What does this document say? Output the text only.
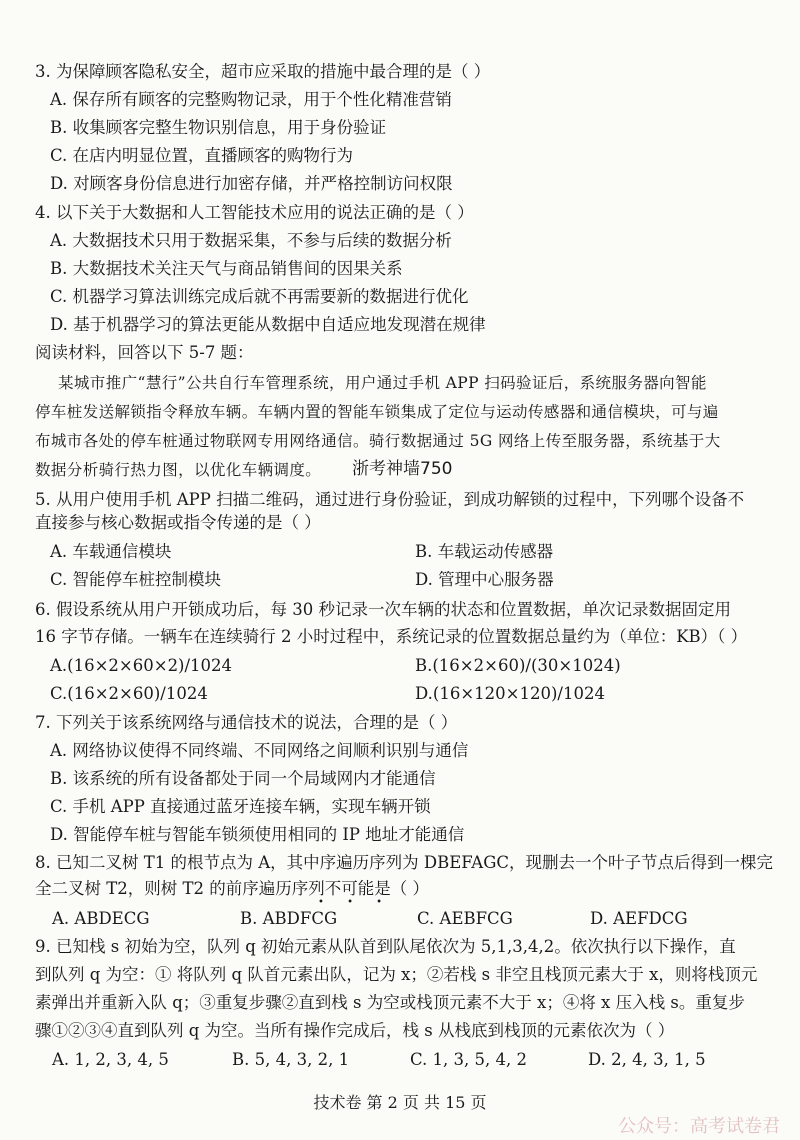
3. 为保障顾客隐私安全，超市应采取的措施中最合理的是（ ）
A. 保存所有顾客的完整购物记录，用于个性化精准营销
B. 收集顾客完整生物识别信息，用于身份验证
C. 在店内明显位置，直播顾客的购物行为
D. 对顾客身份信息进行加密存储，并严格控制访问权限
4. 以下关于大数据和人工智能技术应用的说法正确的是（ ）
A. 大数据技术只用于数据采集，不参与后续的数据分析
B. 大数据技术关注天气与商品销售间的因果关系
C. 机器学习算法训练完成后就不再需要新的数据进行优化
D. 基于机器学习的算法更能从数据中自适应地发现潜在规律
阅读材料，回答以下 5-7 题：
某城市推广“慧行”公共自行车管理系统，用户通过手机 APP 扫码验证后，系统服务器向智能
停车桩发送解锁指令释放车辆。车辆内置的智能车锁集成了定位与运动传感器和通信模块，可与遍
布城市各处的停车桩通过物联网专用网络通信。骑行数据通过 5G 网络上传至服务器，系统基于大
数据分析骑行热力图，以优化车辆调度。 浙考神墙750
5. 从用户使用手机 APP 扫描二维码，通过进行身份验证，到成功解锁的过程中，下列哪个设备不
直接参与核心数据或指令传递的是（ ）
A. 车载通信模块	B. 车载运动传感器
C. 智能停车桩控制模块	D. 管理中心服务器
6. 假设系统从用户开锁成功后，每 30 秒记录一次车辆的状态和位置数据，单次记录数据固定用
16 字节存储。一辆车在连续骑行 2 小时过程中，系统记录的位置数据总量约为（单位：KB）（ ）
A.(16×2×60×2)/1024	B.(16×2×60)/(30×1024)
C.(16×2×60)/1024	D.(16×120×120)/1024
7. 下列关于该系统网络与通信技术的说法，合理的是（ ）
A. 网络协议使得不同终端、不同网络之间顺利识别与通信
B. 该系统的所有设备都处于同一个局域网内才能通信
C. 手机 APP 直接通过蓝牙连接车辆，实现车辆开锁
D. 智能停车桩与智能车锁须使用相同的 IP 地址才能通信
8. 已知二叉树 T1 的根节点为 A，其中序遍历序列为 DBEFAGC，现删去一个叶子节点后得到一棵完
全二叉树 T2，则树 T2 的前序遍历序列不可能是（ ）
• • •
A. ABDECG	B. ABDFCG	C. AEBFCG	D. AEFDCG
9. 已知栈 s 初始为空，队列 q 初始元素从队首到队尾依次为 5,1,3,4,2。依次执行以下操作，直
到队列 q 为空：① 将队列 q 队首元素出队，记为 x；②若栈 s 非空且栈顶元素大于 x，则将栈顶元
素弹出并重新入队 q；③重复步骤②直到栈 s 为空或栈顶元素不大于 x；④将 x 压入栈 s。重复步
骤①②③④直到队列 q 为空。当所有操作完成后，栈 s 从栈底到栈顶的元素依次为（ ）
A. 1, 2, 3, 4, 5	B. 5, 4, 3, 2, 1	C. 1, 3, 5, 4, 2	D. 2, 4, 3, 1, 5
技术卷 第 2 页 共 15 页
公众号：高考试卷君
